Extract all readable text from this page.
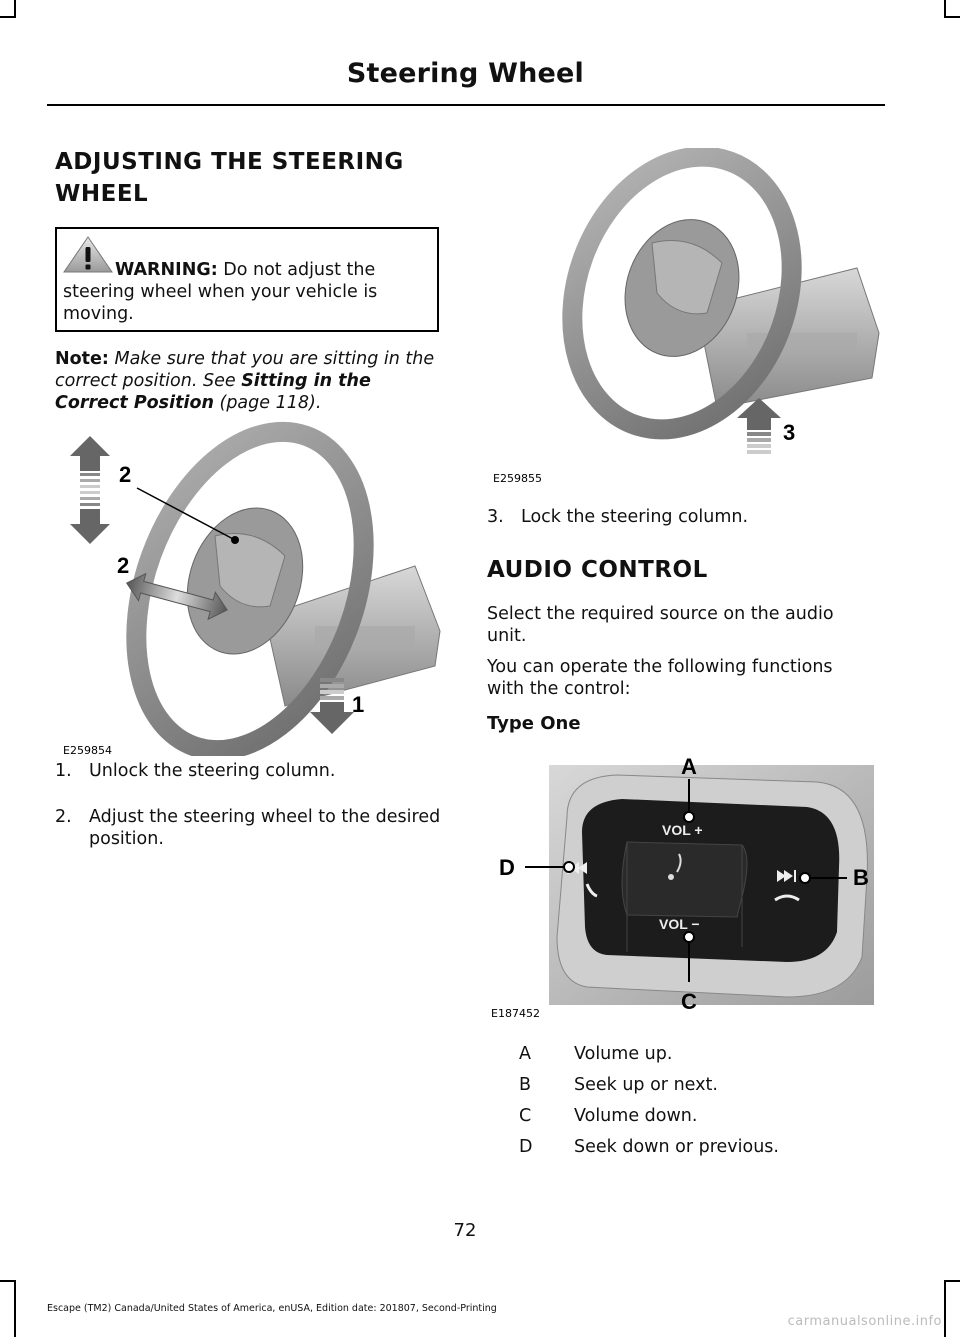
Steering Wheel
ADJUSTING THE STEERING
WHEEL
WARNING: Do not adjust the steering wheel when your vehicle is moving.
Note: Make sure that you are sitting in the correct position. See Sitting in the Correct Position (page 118).
2
2
1
E259854
1. Unlock the steering column.
2. Adjust the steering wheel to the desired
position.
3
E259855
3. Lock the steering column.
AUDIO CONTROL
Select the required source on the audio
unit.
You can operate the following functions
with the control:
Type One
VOL +
VOL −
A
D	B
C
E187452
A Volume up.
B Seek up or next.
C Volume down.
D Seek down or previous.
72
Escape (TM2) Canada/United States of America, enUSA, Edition date: 201807, Second-Printing
carmanualsonline.info
